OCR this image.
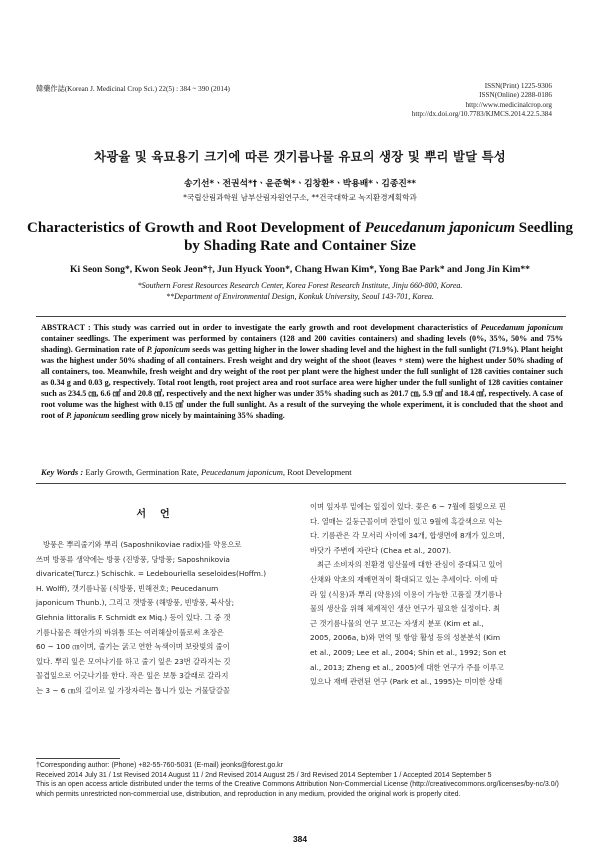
韓藥作誌(Korean J. Medicinal Crop Sci.) 22(5) : 384 ~ 390 (2014)	ISSN(Print) 1225-9306
ISSN(Online) 2288-0186
http://www.medicinalcrop.org
http://dx.doi.org/10.7783/KJMCS.2014.22.5.384
차광율 및 육묘용기 크기에 따른 갯기름나물 유묘의 생장 및 뿌리 발달 특성
송기선*ㆍ전권석*†ㆍ윤준혁*ㆍ김창환*ㆍ박용배*ㆍ김종진**
*국립산림과학원 남부산림자원연구소, **건국대학교 녹지환경계획학과
Characteristics of Growth and Root Development of Peucedanum japonicum Seedling
by Shading Rate and Container Size
Ki Seon Song*, Kwon Seok Jeon*†, Jun Hyuck Yoon*, Chang Hwan Kim*, Yong Bae Park* and Jong Jin Kim**
*Southern Forest Resources Research Center, Korea Forest Research Institute, Jinju 660-800, Korea.
**Department of Environmental Design, Konkuk University, Seoul 143-701, Korea.
ABSTRACT : This study was carried out in order to investigate the early growth and root development characteristics of Peucedanum japonicum container seedlings. The experiment was performed by containers (128 and 200 cavities containers) and shading levels (0%, 35%, 50% and 75% shading). Germination rate of P. japonicum seeds was getting higher in the lower shading level and the highest in the full sunlight (71.9%). Plant height was the highest under 50% shading of all containers. Fresh weight and dry weight of the shoot (leaves + stem) were the highest under 50% shading of all containers, too. Meanwhile, fresh weight and dry weight of the root per plant were the highest under the full sunlight of 128 cavities container such as 0.34 g and 0.03 g, respectively. Total root length, root project area and root surface area were higher under the full sunlight of 128 cavities container such as 234.5 ㎝, 6.6 ㎠ and 20.8 ㎠, respectively and the next higher was under 35% shading such as 201.7 ㎝, 5.9 ㎠ and 18.4 ㎠, respectively. A case of root volume was the highest with 0.15 ㎤ under the full sunlight. As a result of the surveying the whole experiment, it is concluded that the shoot and root of P. japonicum seedling grow nicely by maintaining 35% shading.
Key Words : Early Growth, Germination Rate, Peucedanum japonicum, Root Development
서언
방풍은 뿌리줄기와 뿌리 (Saposhnikoviae radix)를 약용으로
쓰며 방풍류 생약에는 방풍 (진방풍, 당방풍; Saposhnikovia
divaricate(Turcz.) Schischk. = Ledebouriella seseloides(Hoffm.)
H. Wolff), 갯기름나물 (식방풍, 빈해전호; Peucedanum
japonicum Thunb.), 그리고 갯방풍 (해방풍, 빈방풍, 북사삼;
Glehnia littoralis F. Schmidt ex Miq.) 등이 있다. 그 중 갯
기름나물은 해안가의 바위틈 또는 여러해살이풀로써 초장은
60 ~ 100 ㎝이며, 줄기는 굵고 연한 녹색이며 보랏빛의 줄이
있다. 뿌리 잎은 모여나기를 하고 줄기 잎은 23번 갈라지는 깃
꼴겹잎으로 어긋나기를 한다. 작은 잎은 보통 3갈래로 갈라지
는 3 ~ 6 ㎝의 길이로 잎 가장자리는 톱니가 있는 거물달갈꼴
이며 잎자루 밑에는 잎집이 있다. 꽃은 6 ~ 7월에 흰빛으로 핀
다. 열매는 길둥근꼴이며 잔털이 있고 9월에 흑갈색으로 익는
다. 기름관은 각 모서리 사이에 34개, 합생면에 8개가 있으며,
바닷가 주변에 자란다 (Chea et al., 2007).
최근 소비자의 친환경 임산물에 대한 관심이 증대되고 있어
산채와 약초의 재배면적이 확대되고 있는 추세이다. 이에 따
라 잎 (식용)과 뿌리 (약용)의 이용이 가능한 고품질 갯기름나
물의 생산을 위해 체계적인 생산 연구가 필요한 실정이다. 최
근 갯기름나물의 연구 보고는 자생지 분포 (Kim et al.,
2005, 2006a, b)와 면역 및 항암 활성 등의 성분분석 (Kim
et al., 2009; Lee et al., 2004; Shin et al., 1992; Son et
al., 2013; Zheng et al., 2005)에 대한 연구가 주를 이루고
있으나 재배 관련된 연구 (Park et al., 1995)는 미미한 상태
†Corresponding author: (Phone) +82-55-760-5031 (E-mail) jeonks@forest.go.kr
Received 2014 July 31 / 1st Revised 2014 August 11 / 2nd Revised 2014 August 25 / 3rd Revised 2014 September 1 / Accepted 2014 September 5
This is an open access article distributed under the terms of the Creative Commons Attribution Non-Commercial License (http://creativecommons.org/licenses/by-nc/3.0/) which permits unrestricted non-commercial use, distribution, and reproduction in any medium, provided the original work is properly cited.
384
